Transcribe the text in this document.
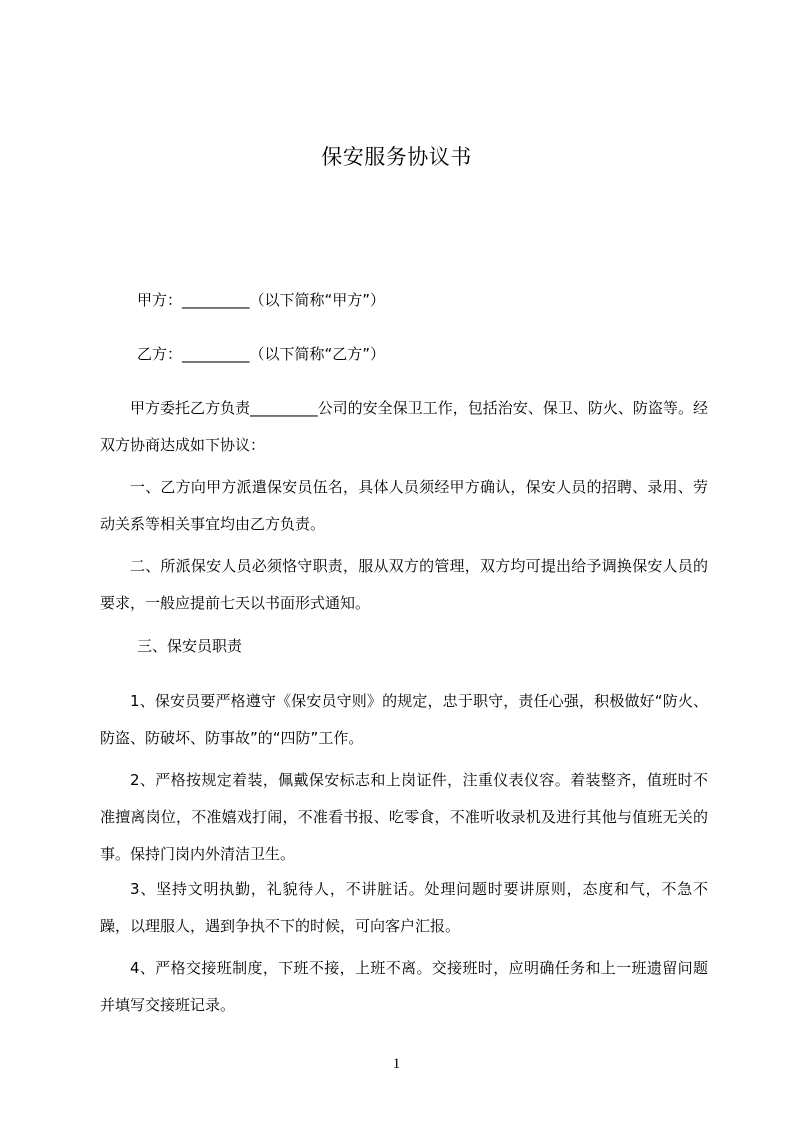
保安服务协议书
甲方：_________（以下简称“甲方”）
乙方：_________（以下简称“乙方”）
甲方委托乙方负责_________公司的安全保卫工作，包括治安、保卫、防火、防盗等。经双方协商达成如下协议：
一、乙方向甲方派遣保安员伍名，具体人员须经甲方确认，保安人员的招聘、录用、劳动关系等相关事宜均由乙方负责。
二、所派保安人员必须恪守职责，服从双方的管理，双方均可提出给予调换保安人员的要求，一般应提前七天以书面形式通知。
三、保安员职责
1、保安员要严格遵守《保安员守则》的规定，忠于职守，责任心强，积极做好“防火、防盗、防破坏、防事故”的“四防”工作。
2、严格按规定着装，佩戴保安标志和上岗证件，注重仪表仪容。着装整齐，值班时不准擅离岗位，不准嬉戏打闹，不准看书报、吃零食，不准听收录机及进行其他与值班无关的事。保持门岗内外清洁卫生。
3、坚持文明执勤，礼貌待人，不讲脏话。处理问题时要讲原则，态度和气，不急不躁，以理服人，遇到争执不下的时候，可向客户汇报。
4、严格交接班制度，下班不接，上班不离。交接班时，应明确任务和上一班遗留问题并填写交接班记录。
1
